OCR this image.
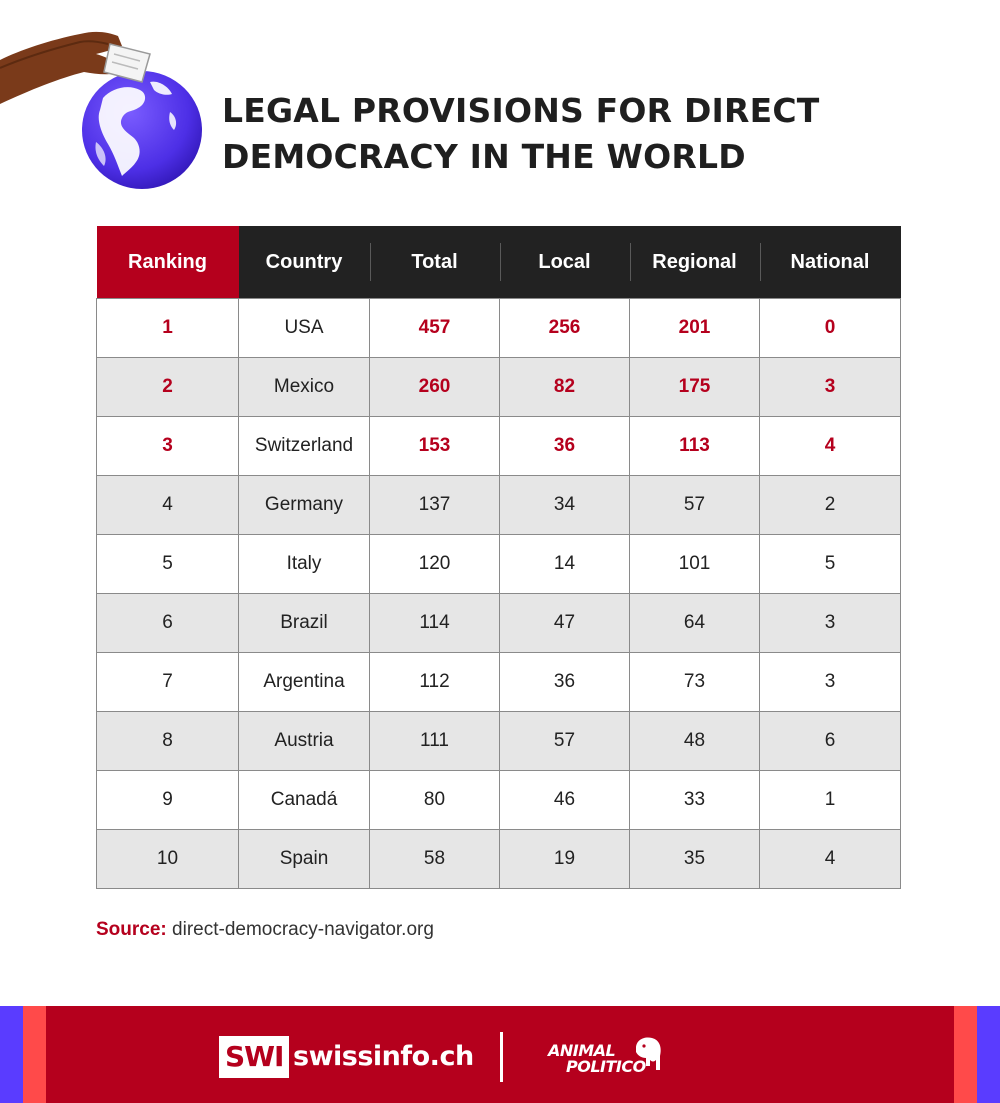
LEGAL PROVISIONS FOR DIRECT
DEMOCRACY IN THE WORLD
Ranking	Country	Total	Local	Regional	National
1	USA	457	256	201	0
2	Mexico	260	82	175	3
3	Switzerland	153	36	113	4
4	Germany	137	34	57	2
5	Italy	120	14	101	5
6	Brazil	114	47	64	3
7	Argentina	112	36	73	3
8	Austria	111	57	48	6
9	Canadá	80	46	33	1
10	Spain	58	19	35	4
Source: direct-democracy-navigator.org
SWI swissinfo.ch	ANIMAL
POLITICO
